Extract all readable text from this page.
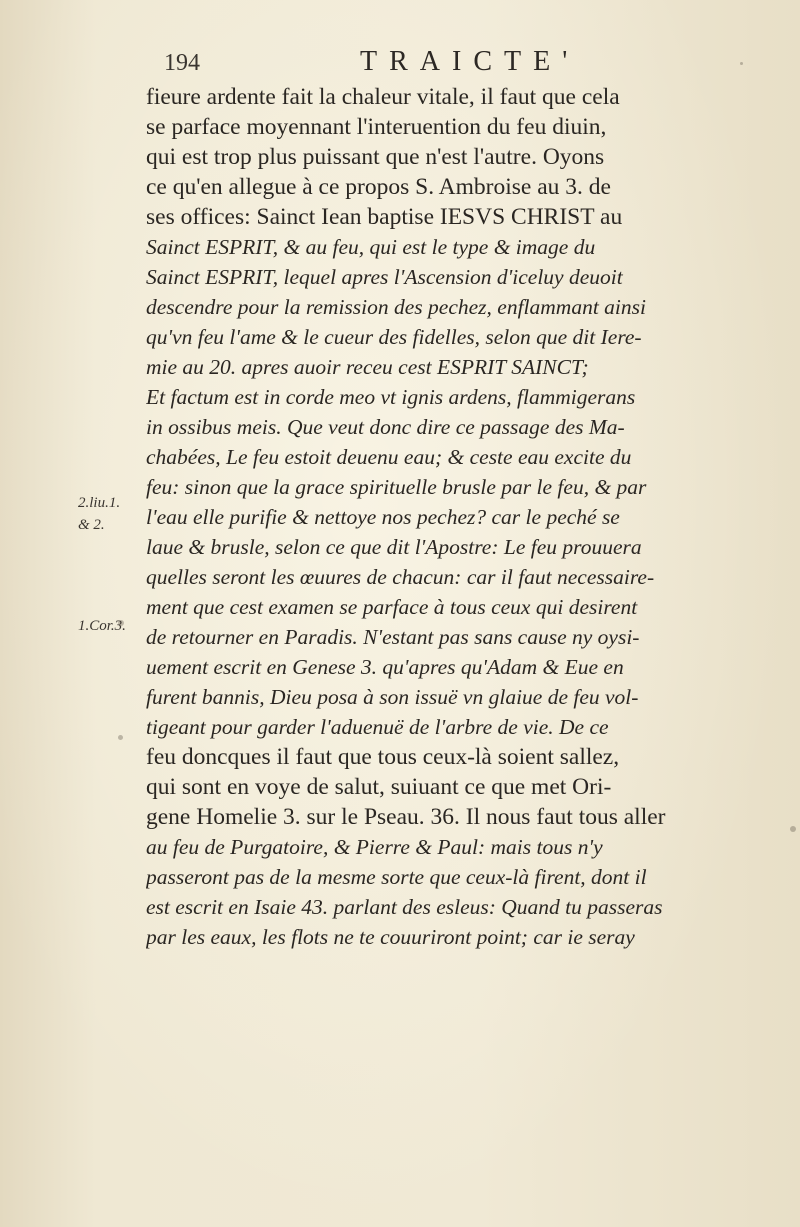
194	TRAICTE'
2.liu.1.
& 2.
1.Cor.3.
fieure ardente fait la chaleur vitale, il faut que cela
se parface moyennant l'interuention du feu diuin,
qui est trop plus puissant que n'est l'autre. Oyons
ce qu'en allegue à ce propos S. Ambroise au 3. de
ses offices: Sainct Iean baptise IESVS CHRIST au
Sainct ESPRIT, & au feu, qui est le type & image du
Sainct ESPRIT, lequel apres l'Ascension d'iceluy deuoit
descendre pour la remission des pechez, enflammant ainsi
qu'vn feu l'ame & le cueur des fidelles, selon que dit Iere-
mie au 20. apres auoir receu cest ESPRIT SAINCT;
Et factum est in corde meo vt ignis ardens, flammigerans
in ossibus meis. Que veut donc dire ce passage des Ma-
chabées, Le feu estoit deuenu eau; & ceste eau excite du
feu: sinon que la grace spirituelle brusle par le feu, & par
l'eau elle purifie & nettoye nos pechez? car le peché se
laue & brusle, selon ce que dit l'Apostre: Le feu prouuera
quelles seront les œuures de chacun: car il faut necessaire-
ment que cest examen se parface à tous ceux qui desirent
de retourner en Paradis. N'estant pas sans cause ny oysi-
uement escrit en Genese 3. qu'apres qu'Adam & Eue en
furent bannis, Dieu posa à son issuë vn glaiue de feu vol-
tigeant pour garder l'aduenuë de l'arbre de vie. De ce
feu doncques il faut que tous ceux-là soient sallez,
qui sont en voye de salut, suiuant ce que met Ori-
gene Homelie 3. sur le Pseau. 36. Il nous faut tous aller
au feu de Purgatoire, & Pierre & Paul: mais tous n'y
passeront pas de la mesme sorte que ceux-là firent, dont il
est escrit en Isaie 43. parlant des esleus: Quand tu passeras
par les eaux, les flots ne te couuriront point; car ie seray
